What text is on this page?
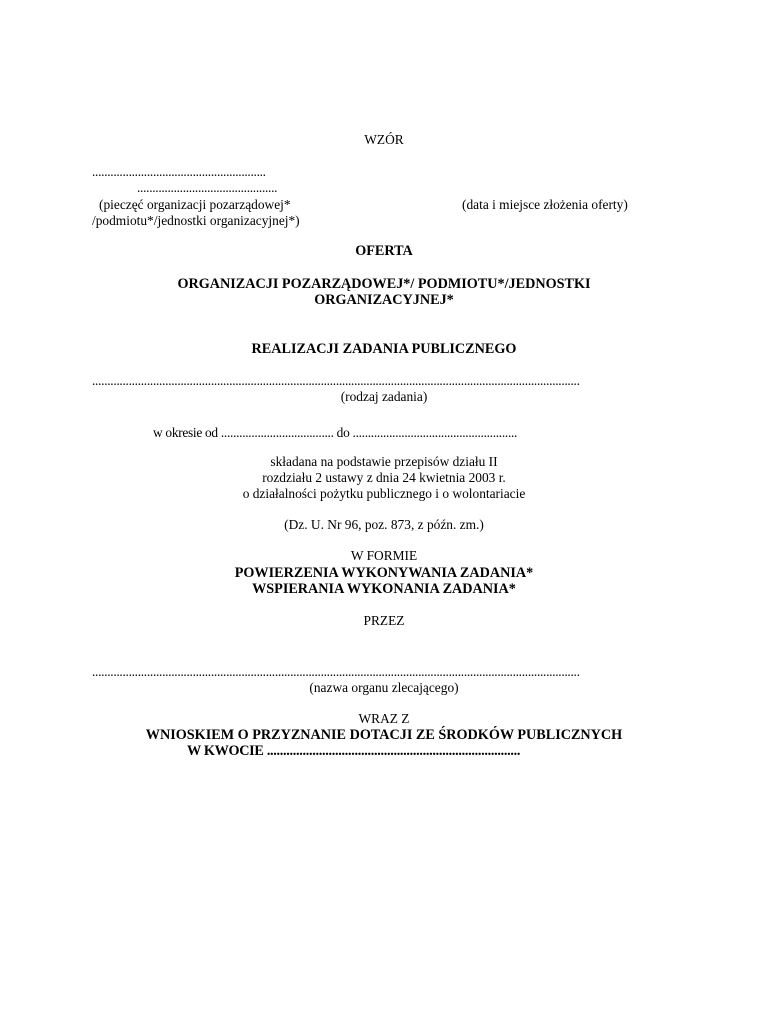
WZÓR
.........................................................
..............................................
(pieczęć organizacji pozarządowej*
/podmiotu*/jednostki organizacyjnej*)
(data i miejsce złożenia oferty)
OFERTA
ORGANIZACJI POZARZĄDOWEJ*/ PODMIOTU*/JEDNOSTKI
ORGANIZACYJNEJ*
REALIZACJI ZADANIA PUBLICZNEGO
................................................................................................................................................................
(rodzaj zadania)
w okresie od ..................................... do ......................................................
składana na podstawie przepisów działu II
rozdziału 2 ustawy z dnia 24 kwietnia 2003 r.
o działalności pożytku publicznego i o wolontariacie
(Dz. U. Nr 96, poz. 873, z późn. zm.)
W FORMIE
POWIERZENIA WYKONYWANIA ZADANIA*
WSPIERANIA WYKONANIA ZADANIA*
PRZEZ
................................................................................................................................................................
(nazwa organu zlecającego)
WRAZ Z
WNIOSKIEM O PRZYZNANIE DOTACJI ZE ŚRODKÓW PUBLICZNYCH
W KWOCIE ..............................................................................
